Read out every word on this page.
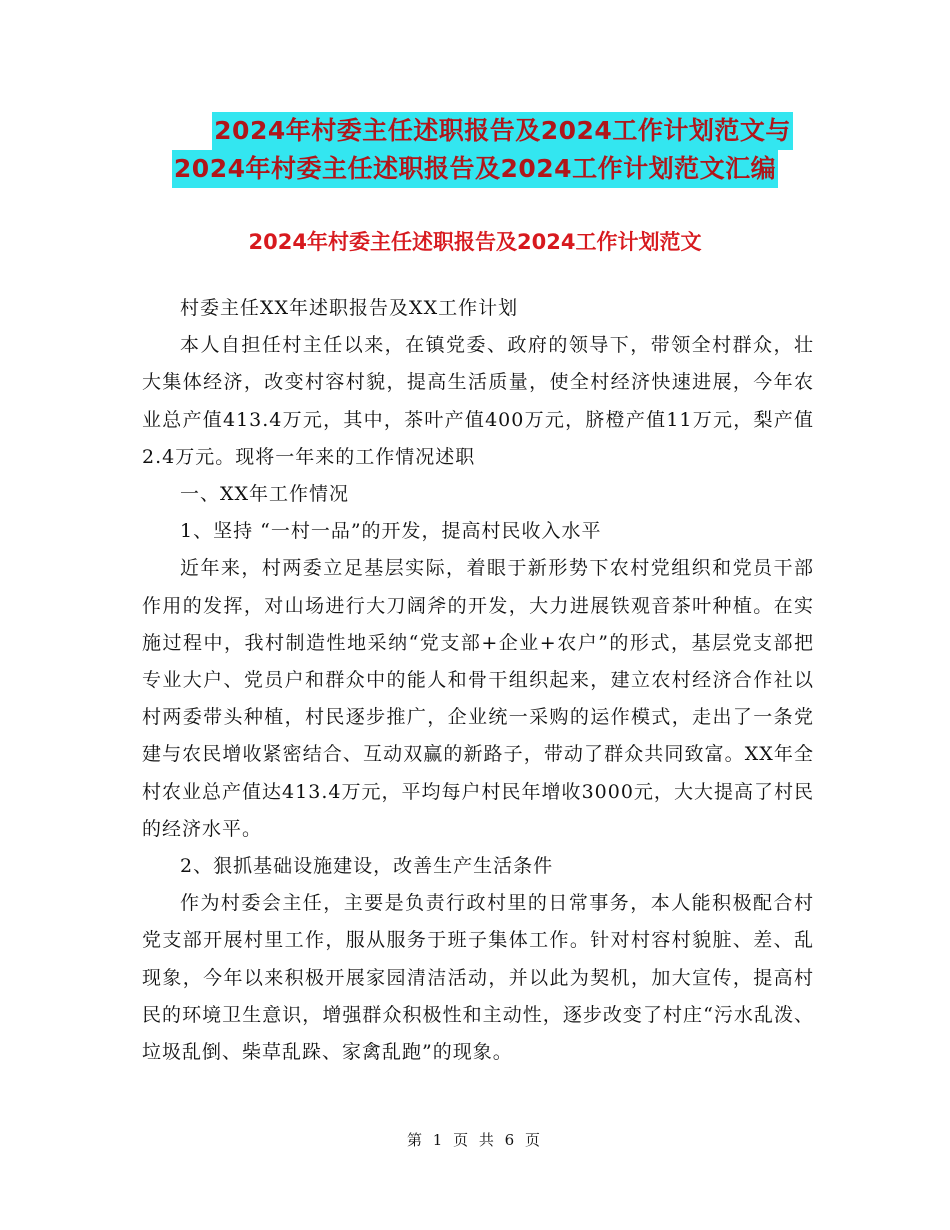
2024年村委主任述职报告及2024工作计划范文与
2024年村委主任述职报告及2024工作计划范文汇编
2024年村委主任述职报告及2024工作计划范文

村委主任XX年述职报告及XX工作计划

本人自担任村主任以来，在镇党委、政府的领导下，带领全村群众，壮大集体经济，改变村容村貌，提高生活质量，使全村经济快速进展，今年农业总产值413.4万元，其中，茶叶产值400万元，脐橙产值11万元，梨产值2.4万元。现将一年来的工作情况述职

一、XX年工作情况

1、坚持 “一村一品”的开发，提高村民收入水平

近年来，村两委立足基层实际，着眼于新形势下农村党组织和党员干部作用的发挥，对山场进行大刀阔斧的开发，大力进展铁观音茶叶种植。在实施过程中，我村制造性地采纳“党支部+企业+农户”的形式，基层党支部把专业大户、党员户和群众中的能人和骨干组织起来，建立农村经济合作社以村两委带头种植，村民逐步推广，企业统一采购的运作模式，走出了一条党建与农民增收紧密结合、互动双赢的新路子，带动了群众共同致富。XX年全村农业总产值达413.4万元，平均每户村民年增收3000元，大大提高了村民的经济水平。

2、狠抓基础设施建设，改善生产生活条件

作为村委会主任，主要是负责行政村里的日常事务，本人能积极配合村党支部开展村里工作，服从服务于班子集体工作。针对村容村貌脏、差、乱现象，今年以来积极开展家园清洁活动，并以此为契机，加大宣传，提高村民的环境卫生意识，增强群众积极性和主动性，逐步改变了村庄“污水乱泼、垃圾乱倒、柴草乱跺、家禽乱跑”的现象。

第 1 页 共 6 页
